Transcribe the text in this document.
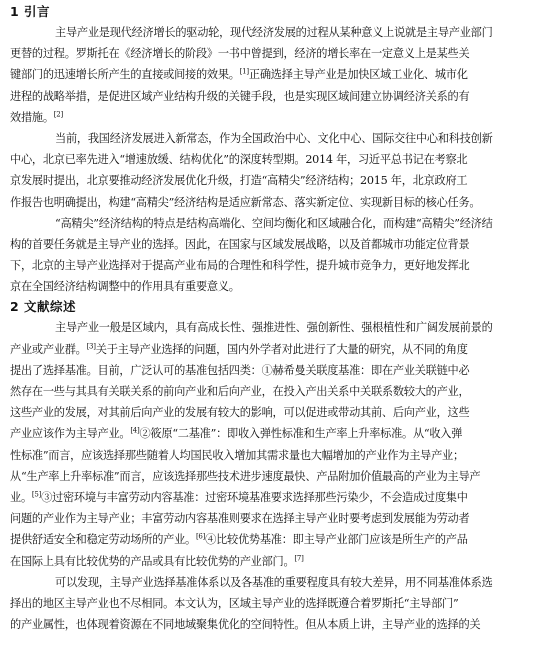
1 引言

主导产业是现代经济增长的驱动轮，现代经济发展的过程从某种意义上说就是主导产业部门
更替的过程。罗斯托在《经济增长的阶段》一书中曾提到，经济的增长率在一定意义上是某些关
键部门的迅速增长所产生的直接或间接的效果。[1]正确选择主导产业是加快区域工业化、城市化
进程的战略举措，是促进区域产业结构升级的关键手段，也是实现区域间建立协调经济关系的有
效措施。[2]

当前，我国经济发展进入新常态，作为全国政治中心、文化中心、国际交往中心和科技创新
中心，北京已率先进入“增速放缓、结构优化”的深度转型期。2014 年，习近平总书记在考察北
京发展时提出，北京要推动经济发展优化升级，打造“高精尖”经济结构；2015 年，北京政府工
作报告也明确提出，构建“高精尖”经济结构是适应新常态、落实新定位、实现新目标的核心任务。

“高精尖”经济结构的特点是结构高端化、空间均衡化和区域融合化，而构建“高精尖”经济结
构的首要任务就是主导产业的选择。因此，在国家与区域发展战略，以及首都城市功能定位背景
下，北京的主导产业选择对于提高产业布局的合理性和科学性，提升城市竞争力，更好地发挥北
京在全国经济结构调整中的作用具有重要意义。

2 文献综述

主导产业一般是区域内，具有高成长性、强推进性、强创新性、强根植性和广阔发展前景的
产业或产业群。[3]关于主导产业选择的问题，国内外学者对此进行了大量的研究，从不同的角度
提出了选择基准。目前，广泛认可的基准包括四类：①赫希曼关联度基准：即在产业关联链中必
然存在一些与其具有关联关系的前向产业和后向产业，在投入产出关系中关联系数较大的产业，
这些产业的发展，对其前后向产业的发展有较大的影响，可以促进或带动其前、后向产业，这些
产业应该作为主导产业。[4]②筱原“二基准”：即收入弹性标准和生产率上升率标准。从“收入弹
性标准”而言，应该选择那些随着人均国民收入增加其需求量也大幅增加的产业作为主导产业；
从“生产率上升率标准”而言，应该选择那些技术进步速度最快、产品附加价值最高的产业为主导产
业。[5]③过密环境与丰富劳动内容基准：过密环境基准要求选择那些污染少，不会造成过度集中
问题的产业作为主导产业；丰富劳动内容基准则要求在选择主导产业时要考虑到发展能为劳动者
提供舒适安全和稳定劳动场所的产业。[6]④比较优势基准：即主导产业部门应该是所生产的产品
在国际上具有比较优势的产品或具有比较优势的产业部门。[7]

可以发现，主导产业选择基准体系以及各基准的重要程度具有较大差异，用不同基准体系选
择出的地区主导产业也不尽相同。本文认为，区域主导产业的选择既遵合着罗斯托“主导部门”
的产业属性，也体现着资源在不同地域聚集优化的空间特性。但从本质上讲，主导产业的选择的关
